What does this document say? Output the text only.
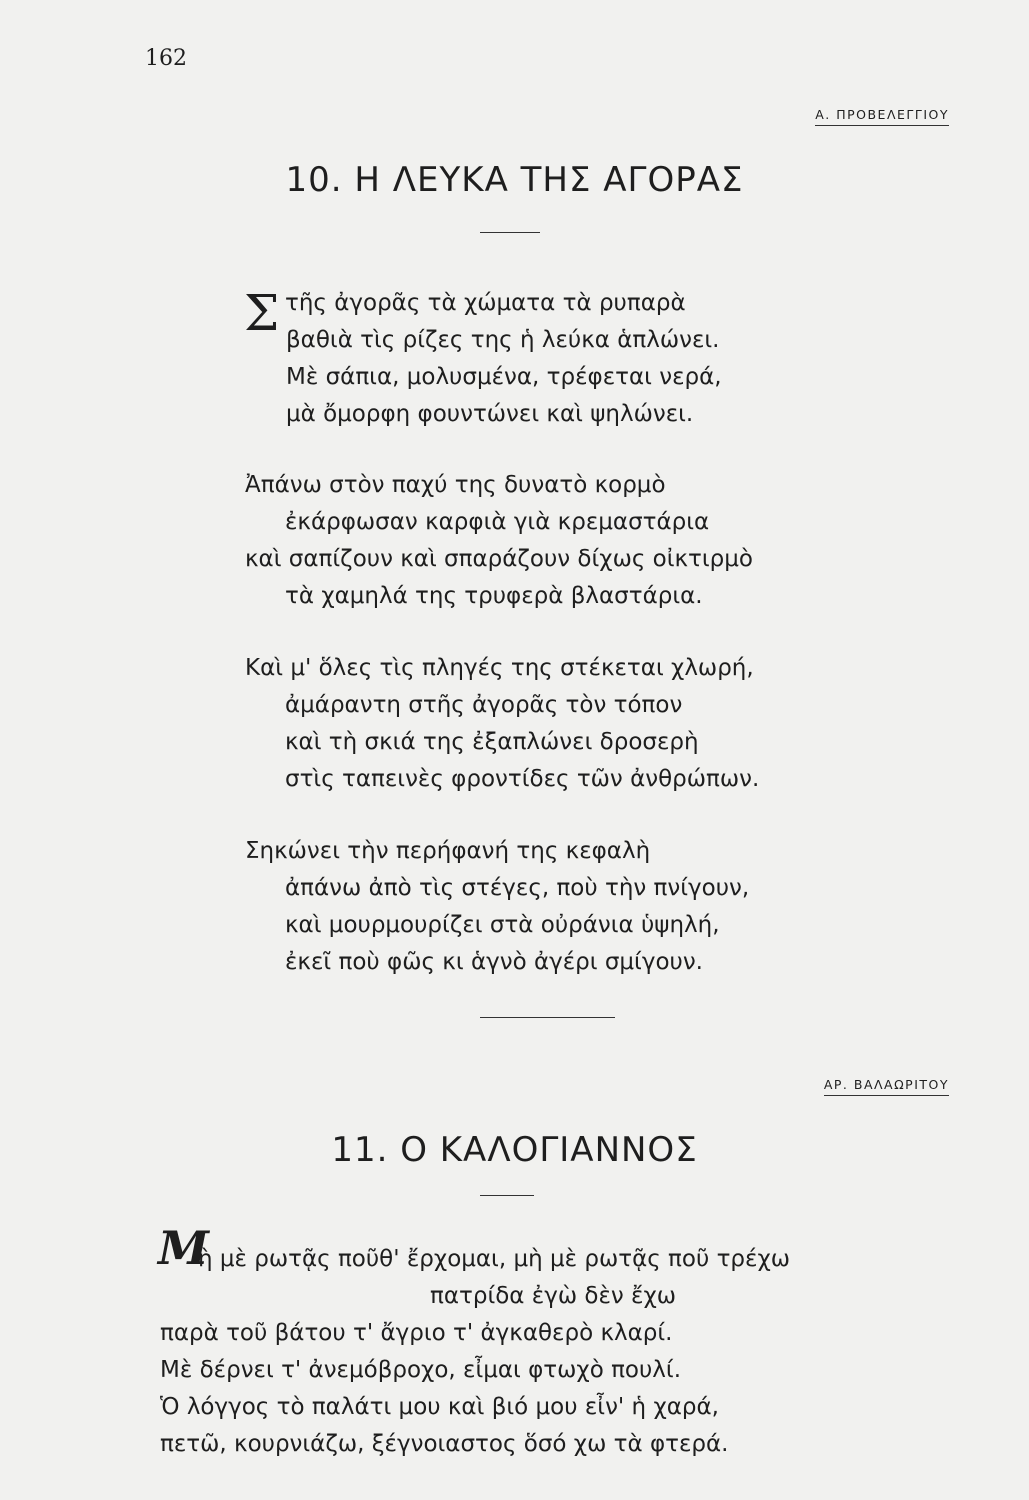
162
Α. ΠΡΟΒΕΛΕΓΓΙΟΥ
10. Η ΛΕΥΚΑ ΤΗΣ ΑΓΟΡΑΣ
Σ τῆς ἀγορᾶς τὰ χώματα τὰ ρυπαρὰ
βαθιὰ τὶς ρίζες της ἡ λεύκα ἁπλώνει.
Μὲ σάπια, μολυσμένα, τρέφεται νερά,
μὰ ὄμορφη φουντώνει καὶ ψηλώνει.
Ἀπάνω στὸν παχύ της δυνατὸ κορμὸ
ἐκάρφωσαν καρφιὰ γιὰ κρεμαστάρια
καὶ σαπίζουν καὶ σπαράζουν δίχως οἰκτιρμὸ
τὰ χαμηλά της τρυφερὰ βλαστάρια.
Καὶ μ' ὅλες τὶς πληγές της στέκεται χλωρή,
ἀμάραντη στῆς ἀγορᾶς τὸν τόπον
καὶ τὴ σκιά της ἐξαπλώνει δροσερὴ
στὶς ταπεινὲς φροντίδες τῶν ἀνθρώπων.
Σηκώνει τὴν περήφανή της κεφαλὴ
ἀπάνω ἀπὸ τὶς στέγες, ποὺ τὴν πνίγουν,
καὶ μουρμουρίζει στὰ οὐράνια ὑψηλή,
ἐκεῖ ποὺ φῶς κι ἁγνὸ ἀγέρι σμίγουν.
ΑΡ. ΒΑΛΑΩΡΙΤΟΥ
11. Ο ΚΑΛΟΓΙΑΝΝΟΣ
Μ
ὴ μὲ ρωτᾷς ποῦθ' ἔρχομαι, μὴ μὲ ρωτᾷς ποῦ τρέχω
πατρίδα ἐγὼ δὲν ἔχω
παρὰ τοῦ βάτου τ' ἄγριο τ' ἀγκαθερὸ κλαρί.
Μὲ δέρνει τ' ἀνεμόβροχο, εἶμαι φτωχὸ πουλί.
Ὁ λόγγος τὸ παλάτι μου καὶ βιό μου εἶν' ἡ χαρά,
πετῶ, κουρνιάζω, ξέγνοιαστος ὅσό χω τὰ φτερά.
